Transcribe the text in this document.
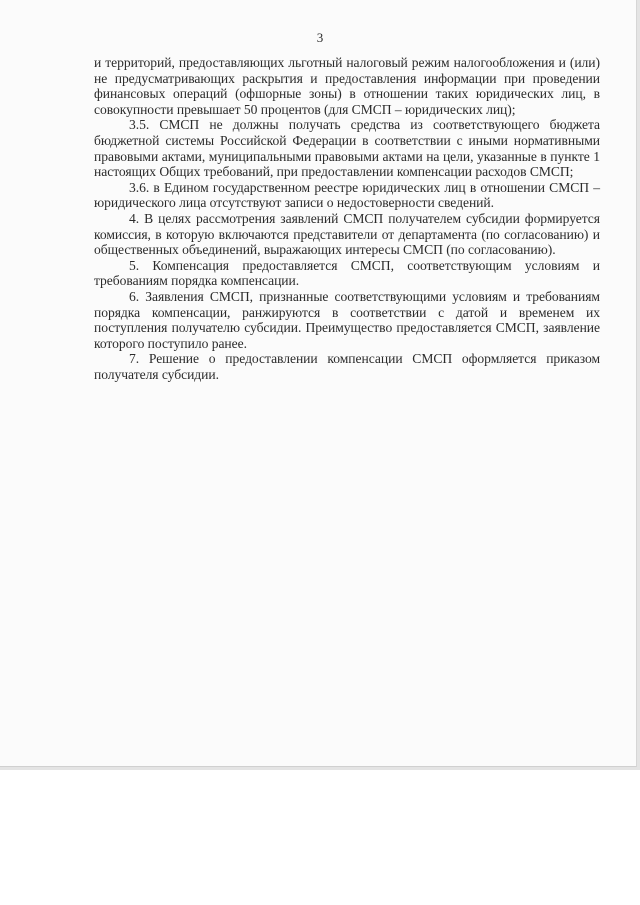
3

и территорий, предоставляющих льготный налоговый режим налогообложения и (или) не предусматривающих раскрытия и предоставления информации при проведении финансовых операций (офшорные зоны) в отношении таких юридических лиц, в совокупности превышает 50 процентов (для СМСП – юридических лиц);

3.5. СМСП не должны получать средства из соответствующего бюджета бюджетной системы Российской Федерации в соответствии с иными нормативными правовыми актами, муниципальными правовыми актами на цели, указанные в пункте 1 настоящих Общих требований, при предоставлении компенсации расходов СМСП;

3.6. в Едином государственном реестре юридических лиц в отношении СМСП – юридического лица отсутствуют записи о недостоверности сведений.

4. В целях рассмотрения заявлений СМСП получателем субсидии формируется комиссия, в которую включаются представители от департамента (по согласованию) и общественных объединений, выражающих интересы СМСП (по согласованию).

5. Компенсация предоставляется СМСП, соответствующим условиям и требованиям порядка компенсации.

6. Заявления СМСП, признанные соответствующими условиям и требованиям порядка компенсации, ранжируются в соответствии с датой и временем их поступления получателю субсидии. Преимущество предоставляется СМСП, заявление которого поступило ранее.

7. Решение о предоставлении компенсации СМСП оформляется приказом получателя субсидии.
